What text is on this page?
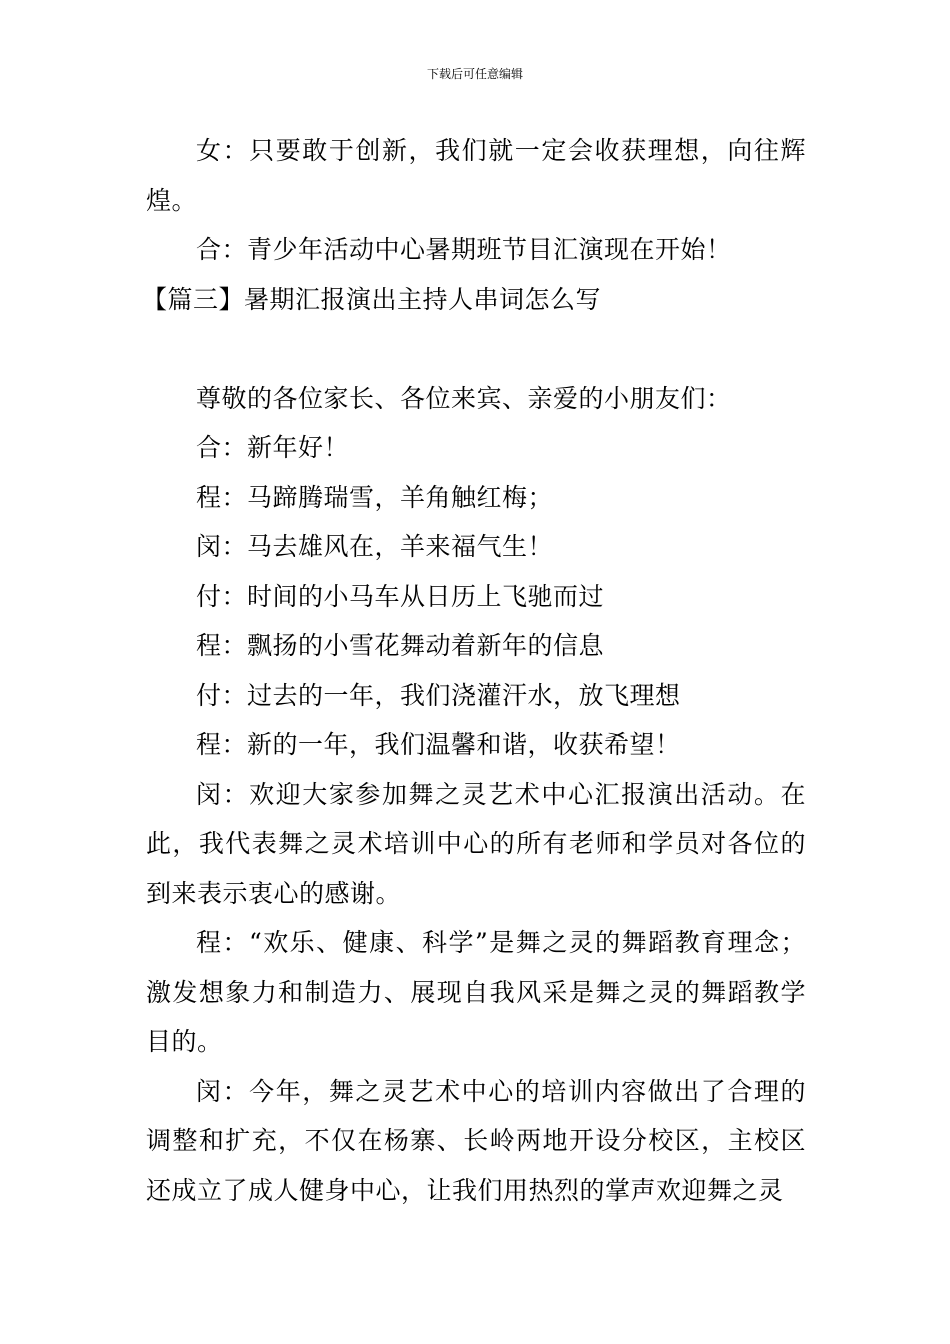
下载后可任意编辑

女：只要敢于创新，我们就一定会收获理想，向往辉煌。

合：青少年活动中心暑期班节目汇演现在开始！

【篇三】暑期汇报演出主持人串词怎么写

尊敬的各位家长、各位来宾、亲爱的小朋友们：

合：新年好！

程：马蹄腾瑞雪，羊角触红梅；

闵：马去雄风在，羊来福气生！

付：时间的小马车从日历上飞驰而过

程：飘扬的小雪花舞动着新年的信息

付：过去的一年，我们浇灌汗水，放飞理想

程：新的一年，我们温馨和谐，收获希望！

闵：欢迎大家参加舞之灵艺术中心汇报演出活动。在此，我代表舞之灵术培训中心的所有老师和学员对各位的到来表示衷心的感谢。

程：“欢乐、健康、科学”是舞之灵的舞蹈教育理念；激发想象力和制造力、展现自我风采是舞之灵的舞蹈教学目的。

闵：今年，舞之灵艺术中心的培训内容做出了合理的调整和扩充，不仅在杨寨、长岭两地开设分校区，主校区还成立了成人健身中心，让我们用热烈的掌声欢迎舞之灵
